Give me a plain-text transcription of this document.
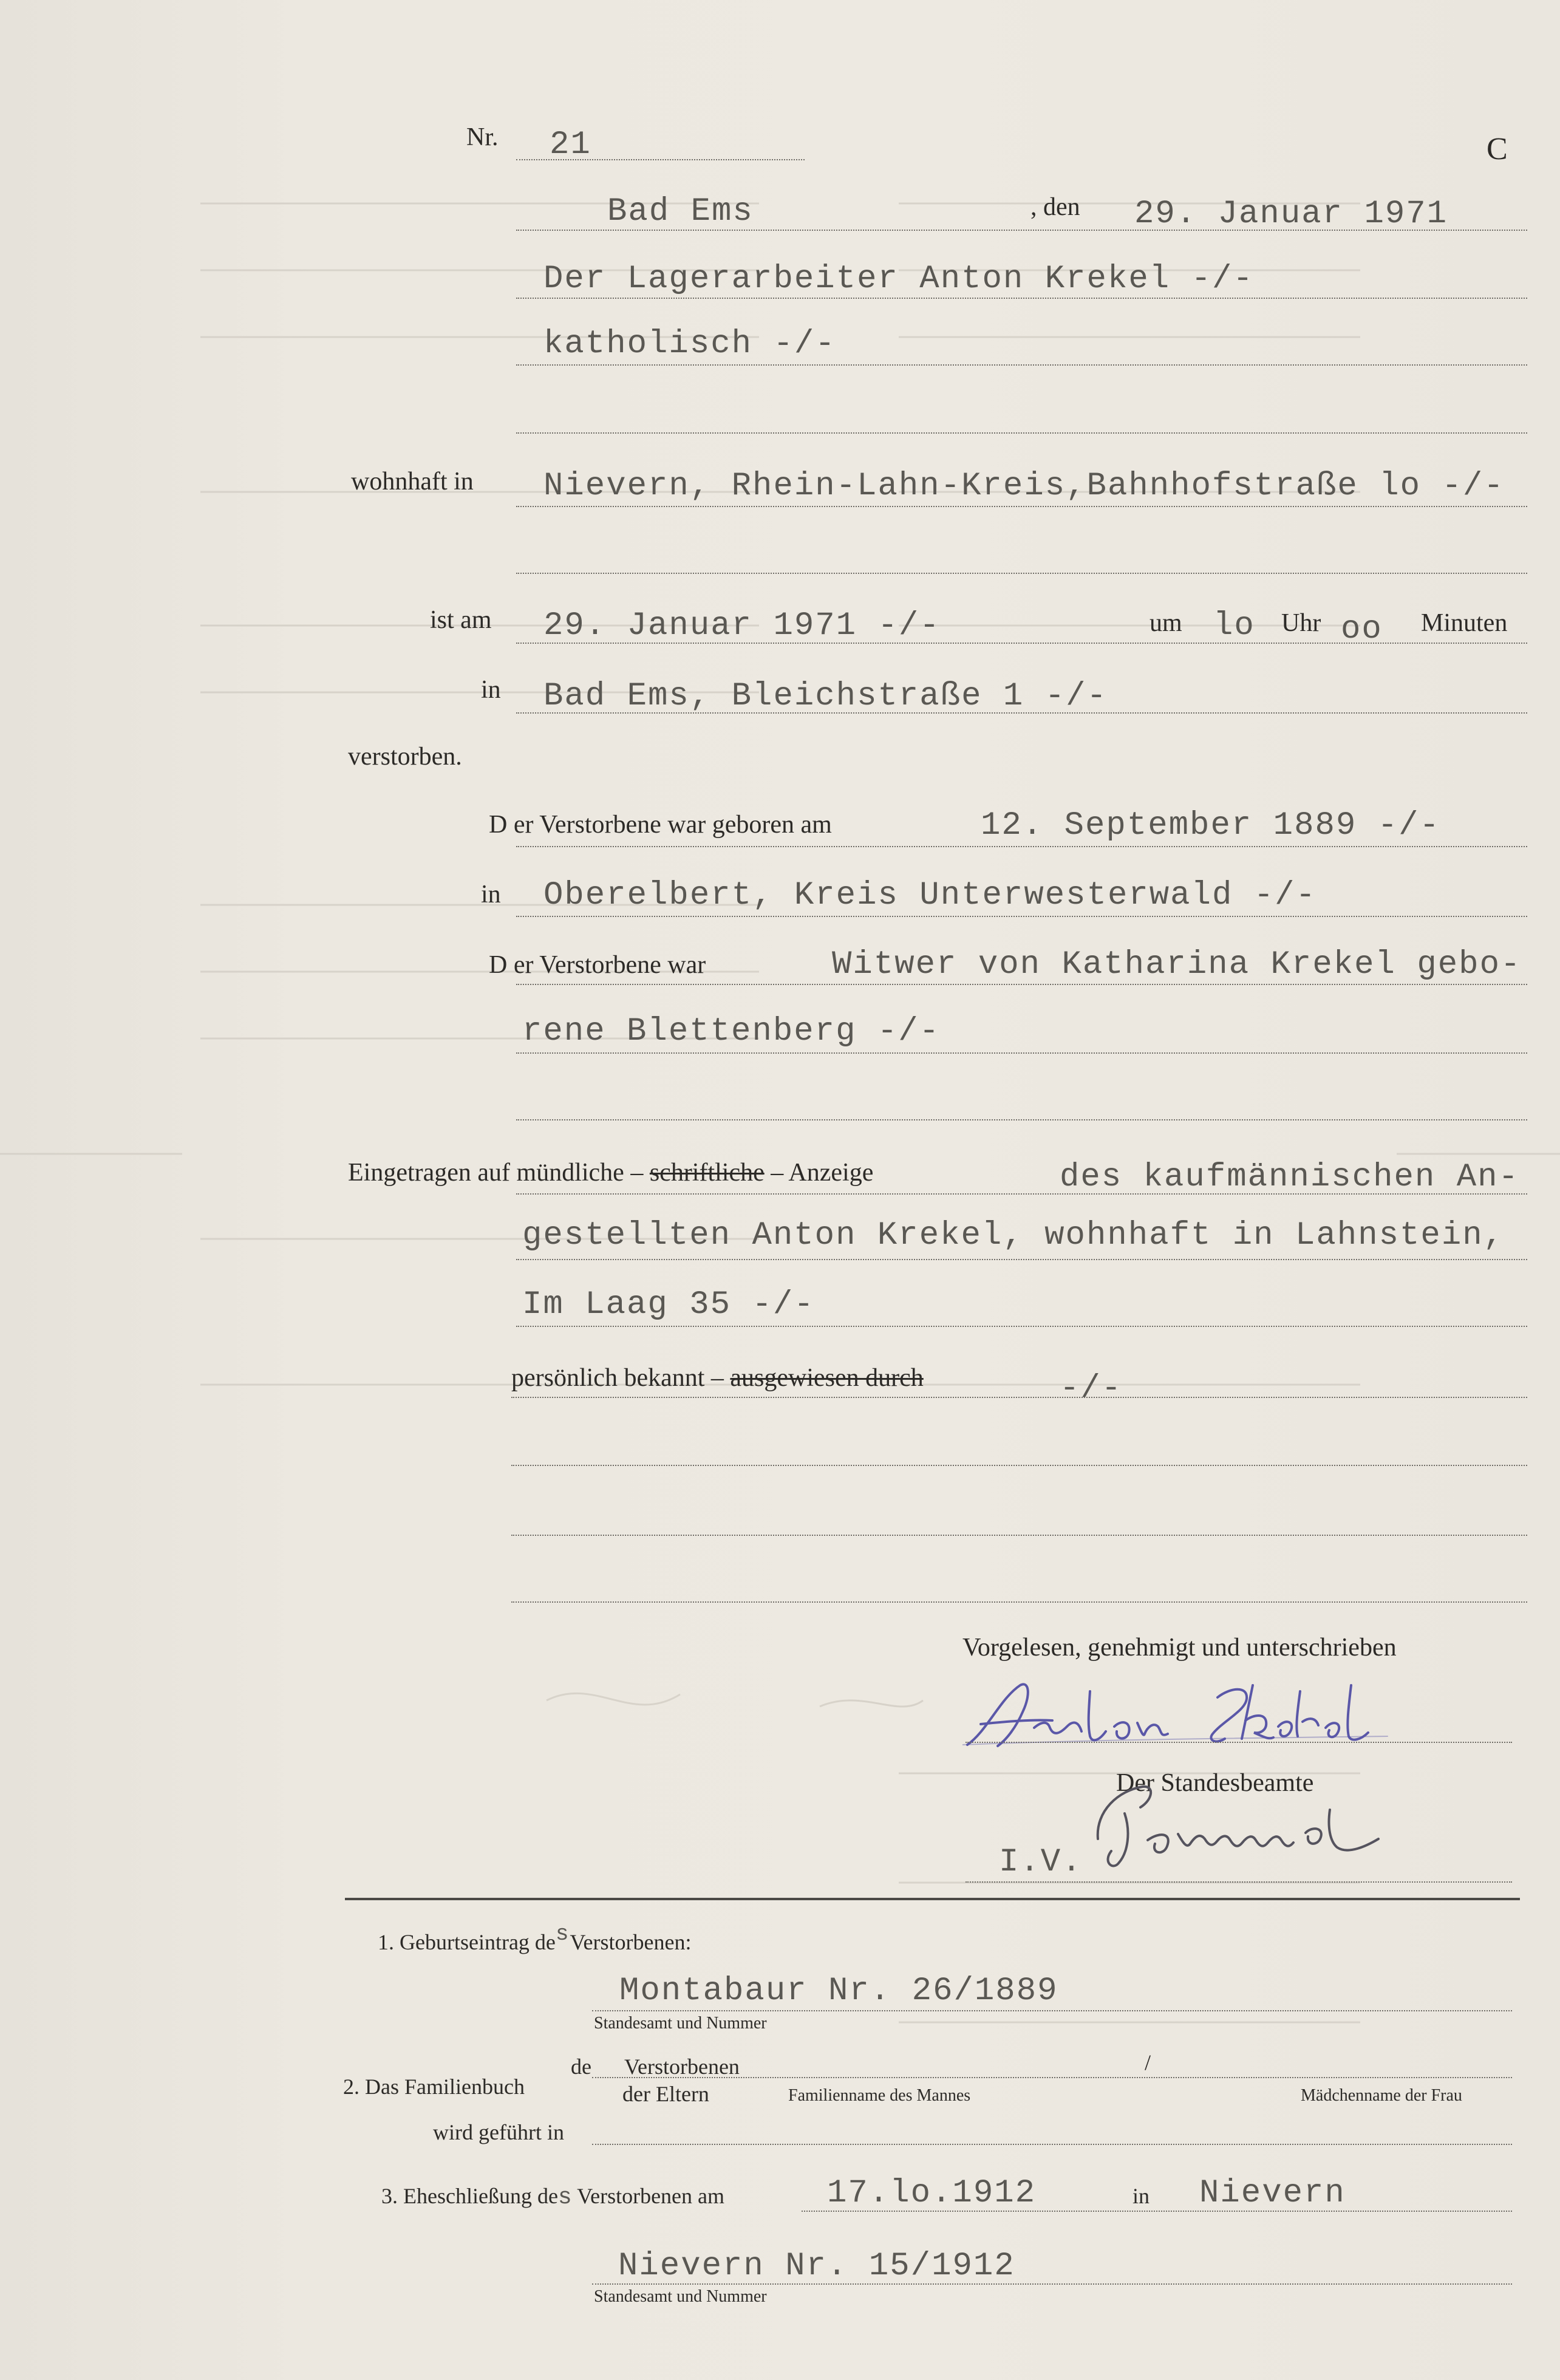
Nr. 21	C
Bad Ems	, den 29. Januar 1971
Der Lagerarbeiter Anton Krekel -/-
katholisch -/-
wohnhaft in Nievern, Rhein-Lahn-Kreis,Bahnhofstraße lo -/-
ist am 29. Januar 1971 -/-	um lo Uhr oo Minuten
in Bad Ems, Bleichstraße 1 -/-
verstorben.
D er Verstorbene war geboren am	12. September 1889 -/-
in Oberelbert, Kreis Unterwesterwald -/-
D er Verstorbene war	Witwer von Katharina Krekel gebo-
rene Blettenberg -/-
Eingetragen auf mündliche – schriftliche – Anzeige	des kaufmännischen An-
gestellten Anton Krekel, wohnhaft in Lahnstein,
Im Laag 35 -/-
persönlich bekannt – ausgewiesen durch	-/-
Vorgelesen, genehmigt und unterschrieben
Der Standesbeamte
I.V.
1. Geburtseintrag desVerstorbenen:
Montabaur Nr. 26/1889
Standesamt und Nummer
2. Das Familienbuch
de Verstorbenen	/
der Eltern	Familienname des Mannes	Mädchenname der Frau
wird geführt in
3. Eheschließung des Verstorbenen am	17.lo.1912	in Nievern
Nievern Nr. 15/1912
Standesamt und Nummer
